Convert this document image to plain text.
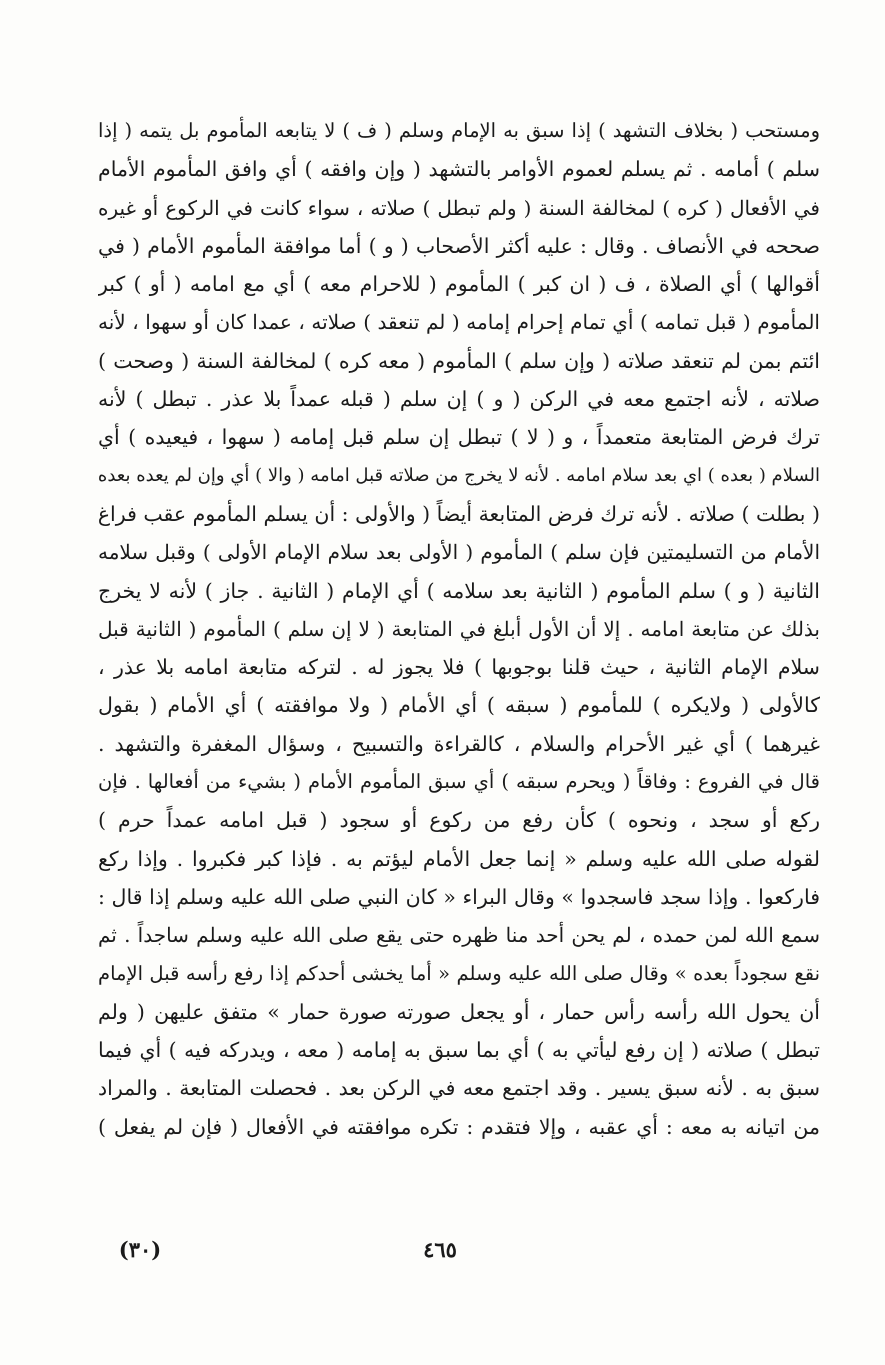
ومستحب ( بخلاف التشهد ) إذا سبق به الإمام وسلم ( ف ) لا يتابعه المأموم بل يتمه ( إذا
سلم ) أمامه . ثم يسلم لعموم الأوامر بالتشهد ( وإن وافقه ) أي وافق المأموم الأمام
في الأفعال ( كره ) لمخالفة السنة ( ولم تبطل ) صلاته ، سواء كانت في الركوع أو غيره
صححه في الأنصاف . وقال : عليه أكثر الأصحاب ( و ) أما موافقة المأموم الأمام ( في
أقوالها ) أي الصلاة ، ف ( ان كبر ) المأموم ( للاحرام معه ) أي مع امامه ( أو ) كبر
المأموم ( قبل تمامه ) أي تمام إحرام إمامه ( لم تنعقد ) صلاته ، عمدا كان أو سهوا ، لأنه
ائتم بمن لم تنعقد صلاته ( وإن سلم ) المأموم ( معه كره ) لمخالفة السنة ( وصحت )
صلاته ، لأنه اجتمع معه في الركن ( و ) إن سلم ( قبله عمداً بلا عذر . تبطل ) لأنه
ترك فرض المتابعة متعمداً ، و ( لا ) تبطل إن سلم قبل إمامه ( سهوا ، فيعيده ) أي
السلام ( بعده ) اي بعد سلام امامه . لأنه لا يخرج من صلاته قبل امامه ( والا ) أي وإن لم يعده بعده
( بطلت ) صلاته . لأنه ترك فرض المتابعة أيضاً ( والأولى : أن يسلم المأموم عقب فراغ
الأمام من التسليمتين فإن سلم ) المأموم ( الأولى بعد سلام الإمام الأولى ) وقبل سلامه
الثانية ( و ) سلم المأموم ( الثانية بعد سلامه ) أي الإمام ( الثانية . جاز ) لأنه لا يخرج
بذلك عن متابعة امامه . إلا أن الأول أبلغ في المتابعة ( لا إن سلم ) المأموم ( الثانية قبل
سلام الإمام الثانية ، حيث قلنا بوجوبها ) فلا يجوز له . لتركه متابعة امامه بلا عذر ،
كالأولى ( ولايكره ) للمأموم ( سبقه ) أي الأمام ( ولا موافقته ) أي الأمام ( بقول
غيرهما ) أي غير الأحرام والسلام ، كالقراءة والتسبيح ، وسؤال المغفرة والتشهد .
قال في الفروع : وفاقاً ( ويحرم سبقه ) أي سبق المأموم الأمام ( بشيء من أفعالها . فإن
ركع أو سجد ، ونحوه ) كأن رفع من ركوع أو سجود ( قبل امامه عمداً حرم )
لقوله صلى الله عليه وسلم « إنما جعل الأمام ليؤتم به . فإذا كبر فكبروا . وإذا ركع
فاركعوا . وإذا سجد فاسجدوا » وقال البراء « كان النبي صلى الله عليه وسلم إذا قال :
سمع الله لمن حمده ، لم يحن أحد منا ظهره حتى يقع صلى الله عليه وسلم ساجداً . ثم
نقع سجوداً بعده » وقال صلى الله عليه وسلم « أما يخشى أحدكم إذا رفع رأسه قبل الإمام
أن يحول الله رأسه رأس حمار ، أو يجعل صورته صورة حمار » متفق عليهن ( ولم
تبطل ) صلاته ( إن رفع ليأتي به ) أي بما سبق به إمامه ( معه ، ويدركه فيه ) أي فيما
سبق به . لأنه سبق يسير . وقد اجتمع معه في الركن بعد . فحصلت المتابعة . والمراد
من اتيانه به معه : أي عقبه ، وإلا فتقدم : تكره موافقته في الأفعال ( فإن لم يفعل )
٤٦٥
(٣٠)
